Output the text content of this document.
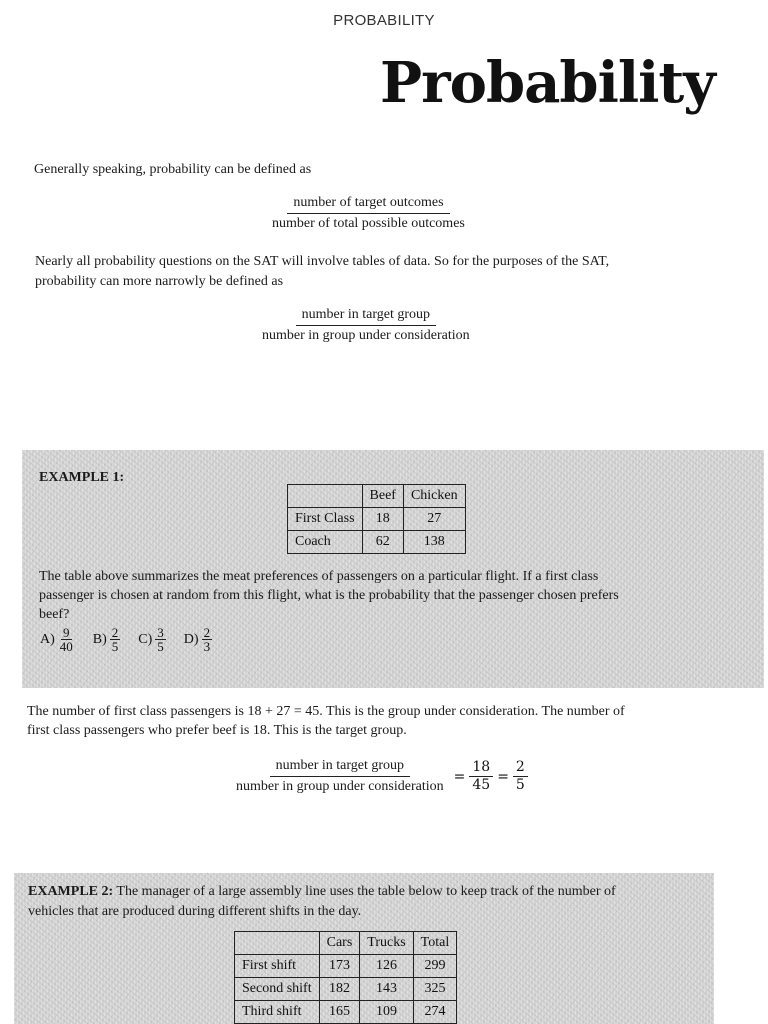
PROBABILITY
Probability
Generally speaking, probability can be defined as
$\frac{\text{number of target outcomes}}{\text{number of total possible outcomes}}$
Nearly all probability questions on the SAT will involve tables of data. So for the purposes of the SAT,
probability can more narrowly be defined as
$\frac{\text{number in target group}}{\text{number in group under consideration}}$
EXAMPLE 1:
	Beef	Chicken
First Class	18	27
Coach	62	138
The table above summarizes the meat preferences of passengers on a particular flight. If a first class
passenger is chosen at random from this flight, what is the probability that the passenger chosen prefers
beef?
$A) \frac{9}{40} B) \frac{2}{5} C) \frac{3}{5} D) \frac{2}{3}$
The number of first class passengers is 18 + 27 = 45. This is the group under consideration. The number of
first class passengers who prefer beef is 18. This is the target group.
$\frac{\text{number in target group}}{\text{number in group under consideration}} = \frac{18}{45} = \frac{2}{5}$
EXAMPLE 2: The manager of a large assembly line uses the table below to keep track of the number of
vehicles that are produced during different shifts in the day.
	Cars	Trucks	Total
First shift	173	126	299
Second shift	182	143	325
Third shift	165	109	274
